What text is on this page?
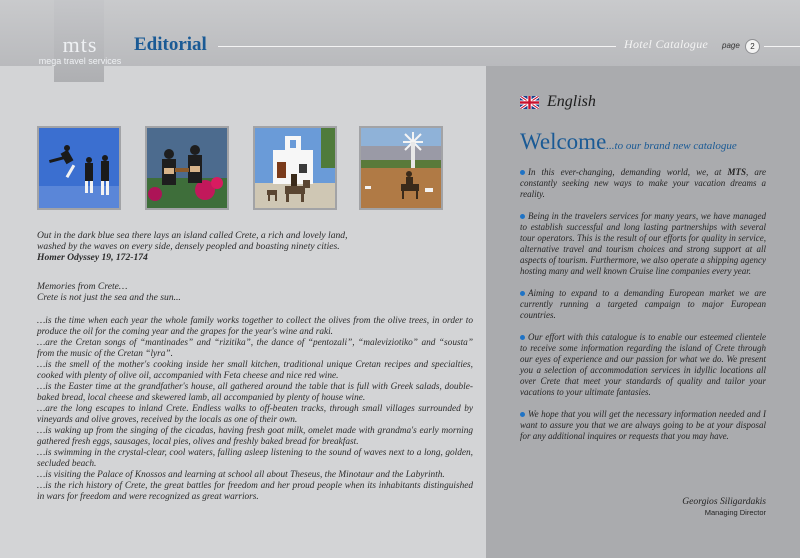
mts
mega travel services
Editorial	Hotel Catalogue page	2
Out in the dark blue sea there lays an island called Crete, a rich and lovely land,
washed by the waves on every side, densely peopled and boasting ninety cities.
Homer Odyssey 19, 172-174
Memories from Crete…
Crete is not just the sea and the sun...

…is the time when each year the whole family works together to collect the olives from the olive trees, in order to produce the oil for the coming year and the grapes for the year's wine and raki.

…are the Cretan songs of “mantinades” and “rizitika”, the dance of “pentozali”, “maleviziotiko” and “sousta” from the music of the Cretan “lyra”.

…is the smell of the mother's cooking inside her small kitchen, traditional unique Cretan recipes and specialties, cooked with plenty of olive oil, accompanied with Feta cheese and nice red wine.

…is the Easter time at the grandfather's house, all gathered around the table that is full with Greek salads, double-baked bread, local cheese and skewered lamb, all accompanied by plenty of house wine.

…are the long escapes to inland Crete. Endless walks to off-beaten tracks, through small villages surrounded by vineyards and olive groves, received by the locals as one of their own.

…is waking up from the singing of the cicadas, having fresh goat milk, omelet made with grandma's early morning gathered fresh eggs, sausages, local pies, olives and freshly baked bread for breakfast.

…is swimming in the crystal-clear, cool waters, falling asleep listening to the sound of waves next to a long, golden, secluded beach.

…is visiting the Palace of Knossos and learning at school all about Theseus, the Minotaur and the Labyrinth.

…is the rich history of Crete, the great battles for freedom and her proud people when its inhabitants distinguished in wars for freedom and were recognized as great warriors.

English
Welcome...to our brand new catalogue

In this ever-changing, demanding world, we, at MTS, are constantly seeking new ways to make your vacation dreams a reality.

Being in the travelers services for many years, we have managed to establish successful and long lasting partnerships with several tour operators. This is the result of our efforts for quality in service, alternative travel and tourism choices and strong support at all aspects of tourism. Furthermore, we also operate a shipping agency hosting many and well known Cruise line companies every year.

Aiming to expand to a demanding European market we are currently running a targeted campaign to major European countries.

Our effort with this catalogue is to enable our esteemed clientele to receive some information regarding the island of Crete through our eyes of experience and our passion for what we do. We present you a selection of accommodation services in idyllic locations all over Crete that meet your standards of quality and tailor your vacations to your ultimate fantasies.

We hope that you will get the necessary information needed and I want to assure you that we are always going to be at your disposal for any additional inquires or requests that you may have.

Georgios Siligardakis
Managing Director
